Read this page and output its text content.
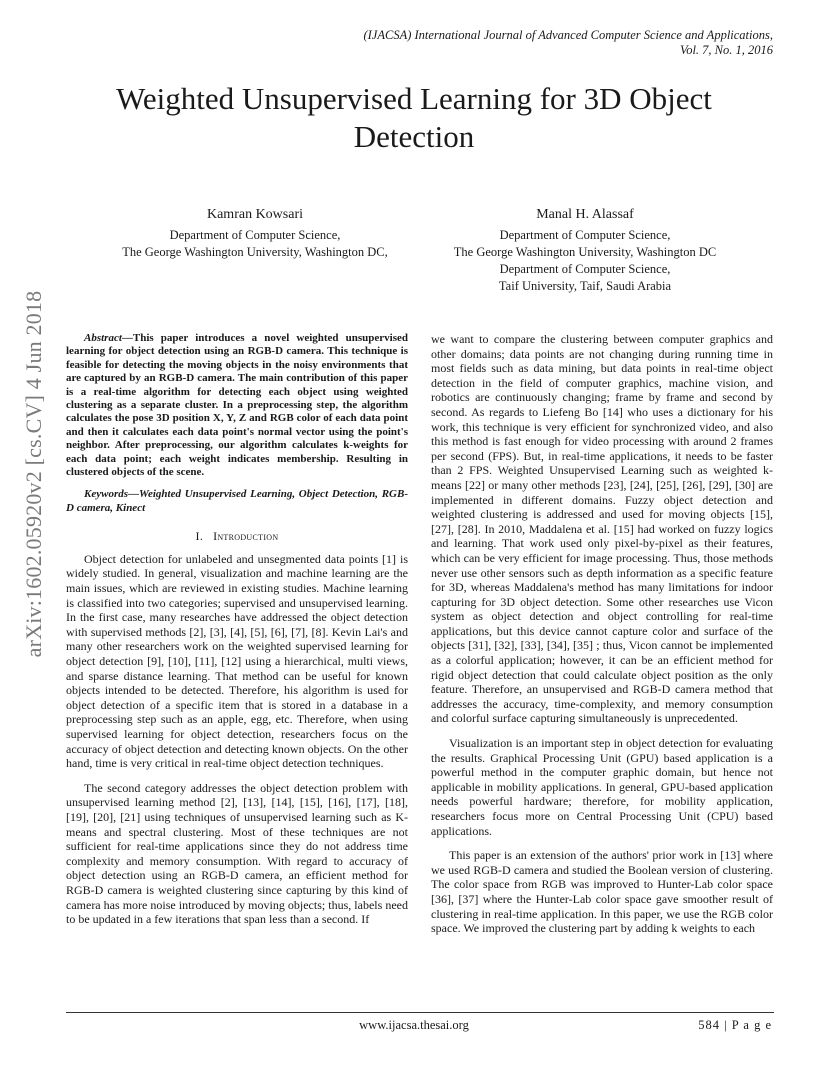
(IJACSA) International Journal of Advanced Computer Science and Applications,
Vol. 7, No. 1, 2016
Weighted Unsupervised Learning for 3D Object
Detection
Kamran Kowsari
Department of Computer Science,
The George Washington University, Washington DC,
Manal H. Alassaf
Department of Computer Science,
The George Washington University, Washington DC
Department of Computer Science,
Taif University, Taif, Saudi Arabia
arXiv:1602.05920v2 [cs.CV] 4 Jun 2018	Abstract—This paper introduces a novel weighted unsupervised learning for object detection using an RGB-D camera. This technique is feasible for detecting the moving objects in the noisy environments that are captured by an RGB-D camera. The main contribution of this paper is a real-time algorithm for detecting each object using weighted clustering as a separate cluster. In a preprocessing step, the algorithm calculates the pose 3D position X, Y, Z and RGB color of each data point and then it calculates each data point's normal vector using the point's neighbor. After preprocessing, our algorithm calculates k-weights for each data point; each weight indicates membership. Resulting in clustered objects of the scene.

Keywords—Weighted Unsupervised Learning, Object Detection, RGB-D camera, Kinect

I. Introduction

Object detection for unlabeled and unsegmented data points [1] is widely studied. In general, visualization and machine learning are the main issues, which are reviewed in existing studies. Machine learning is classified into two categories; supervised and unsupervised learning. In the first case, many researches have addressed the object detection with supervised methods [2], [3], [4], [5], [6], [7], [8]. Kevin Lai's and many other researchers work on the weighted supervised learning for object detection [9], [10], [11], [12] using a hierarchical, multi views, and sparse distance learning. That method can be useful for known objects intended to be detected. Therefore, his algorithm is used for object detection of a specific item that is stored in a database in a preprocessing step such as an apple, egg, etc. Therefore, when using supervised learning for object detection, researchers focus on the accuracy of object detection and detecting known objects. On the other hand, time is very critical in real-time object detection techniques.

The second category addresses the object detection problem with unsupervised learning method [2], [13], [14], [15], [16], [17], [18], [19], [20], [21] using techniques of unsupervised learning such as K-means and spectral clustering. Most of these techniques are not sufficient for real-time applications since they do not address time complexity and memory consumption. With regard to accuracy of object detection using an RGB-D camera, an efficient method for RGB-D camera is weighted clustering since capturing by this kind of camera has more noise introduced by moving objects; thus, labels need to be updated in a few iterations that span less than a second. If

we want to compare the clustering between computer graphics and other domains; data points are not changing during running time in most fields such as data mining, but data points in real-time object detection in the field of computer graphics, machine vision, and robotics are continuously changing; frame by frame and second by second. As regards to Liefeng Bo [14] who uses a dictionary for his work, this technique is very efficient for synchronized video, and also this method is fast enough for video processing with around 2 frames per second (FPS). But, in real-time applications, it needs to be faster than 2 FPS. Weighted Unsupervised Learning such as weighted k-means [22] or many other methods [23], [24], [25], [26], [29], [30] are implemented in different domains. Fuzzy object detection and weighted clustering is addressed and used for moving objects [15], [27], [28]. In 2010, Maddalena et al. [15] had worked on fuzzy logics and learning. That work used only pixel-by-pixel as their features, which can be very efficient for image processing. Thus, those methods never use other sensors such as depth information as a specific feature for 3D, whereas Maddalena's method has many limitations for indoor capturing for 3D object detection. Some other researches use Vicon system as object detection and object controlling for real-time applications, but this device cannot capture color and surface of the objects [31], [32], [33], [34], [35] ; thus, Vicon cannot be implemented as a colorful application; however, it can be an efficient method for rigid object detection that could calculate object position as the only feature. Therefore, an unsupervised and RGB-D camera method that addresses the accuracy, time-complexity, and memory consumption and colorful surface capturing simultaneously is unprecedented.

Visualization is an important step in object detection for evaluating the results. Graphical Processing Unit (GPU) based application is a powerful method in the computer graphic domain, but hence not applicable in mobility applications. In general, GPU-based application needs powerful hardware; therefore, for mobility application, researchers focus more on Central Processing Unit (CPU) based applications.

This paper is an extension of the authors' prior work in [13] where we used RGB-D camera and studied the Boolean version of clustering. The color space from RGB was improved to Hunter-Lab color space [36], [37] where the Hunter-Lab color space gave smoother result of clustering in real-time application. In this paper, we use the RGB color space. We improved the clustering part by adding k weights to each

www.ijacsa.thesai.org	584 | P a g e
